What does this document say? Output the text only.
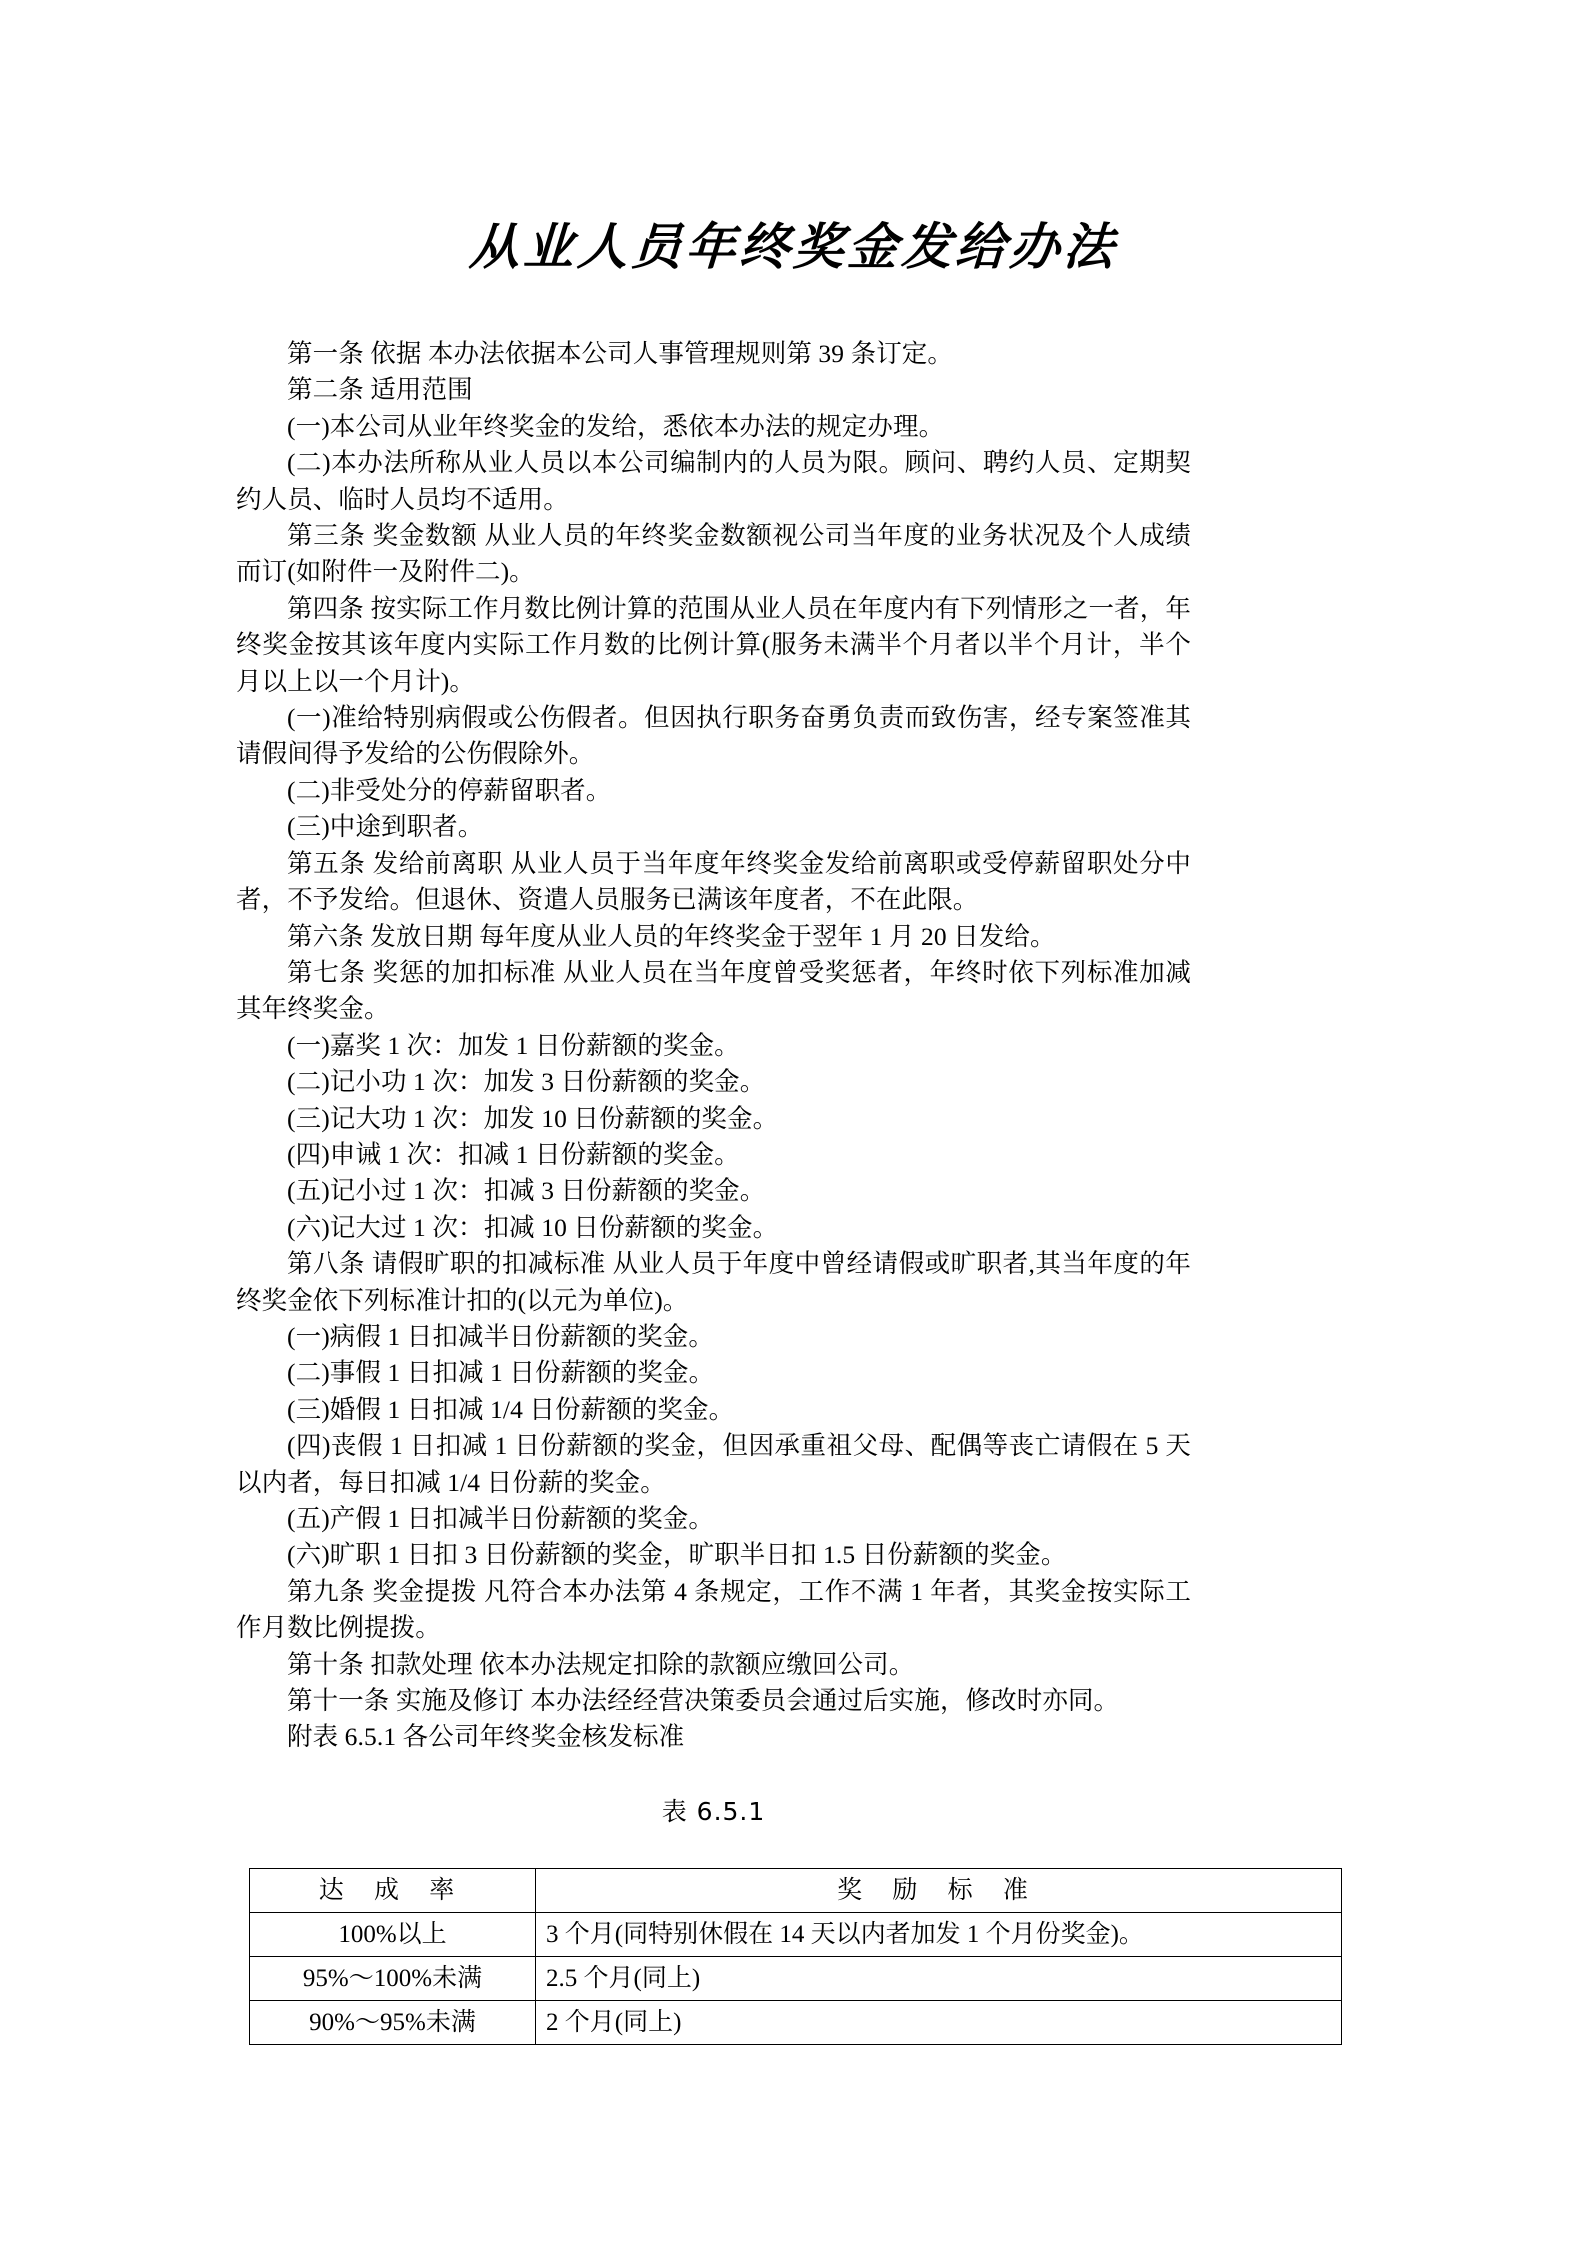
从业人员年终奖金发给办法

第一条 依据 本办法依据本公司人事管理规则第 39 条订定。

第二条 适用范围

(一)本公司从业年终奖金的发给，悉依本办法的规定办理。

(二)本办法所称从业人员以本公司编制内的人员为限。顾问、聘约人员、定期契约人员、临时人员均不适用。

第三条 奖金数额 从业人员的年终奖金数额视公司当年度的业务状况及个人成绩而订(如附件一及附件二)。

第四条 按实际工作月数比例计算的范围从业人员在年度内有下列情形之一者，年终奖金按其该年度内实际工作月数的比例计算(服务未满半个月者以半个月计，半个月以上以一个月计)。

(一)准给特别病假或公伤假者。但因执行职务奋勇负责而致伤害，经专案签准其请假间得予发给的公伤假除外。

(二)非受处分的停薪留职者。

(三)中途到职者。

第五条 发给前离职 从业人员于当年度年终奖金发给前离职或受停薪留职处分中者，不予发给。但退休、资遣人员服务已满该年度者，不在此限。

第六条 发放日期 每年度从业人员的年终奖金于翌年 1 月 20 日发给。

第七条 奖惩的加扣标准 从业人员在当年度曾受奖惩者，年终时依下列标准加减其年终奖金。

(一)嘉奖 1 次：加发 1 日份薪额的奖金。

(二)记小功 1 次：加发 3 日份薪额的奖金。

(三)记大功 1 次：加发 10 日份薪额的奖金。

(四)申诫 1 次：扣减 1 日份薪额的奖金。

(五)记小过 1 次：扣减 3 日份薪额的奖金。

(六)记大过 1 次：扣减 10 日份薪额的奖金。

第八条 请假旷职的扣减标准 从业人员于年度中曾经请假或旷职者,其当年度的年终奖金依下列标准计扣的(以元为单位)。

(一)病假 1 日扣减半日份薪额的奖金。

(二)事假 1 日扣减 1 日份薪额的奖金。

(三)婚假 1 日扣减 1/4 日份薪额的奖金。

(四)丧假 1 日扣减 1 日份薪额的奖金，但因承重祖父母、配偶等丧亡请假在 5 天以内者，每日扣减 1/4 日份薪的奖金。

(五)产假 1 日扣减半日份薪额的奖金。

(六)旷职 1 日扣 3 日份薪额的奖金，旷职半日扣 1.5 日份薪额的奖金。

第九条 奖金提拨 凡符合本办法第 4 条规定，工作不满 1 年者，其奖金按实际工作月数比例提拨。

第十条 扣款处理 依本办法规定扣除的款额应缴回公司。

第十一条 实施及修订 本办法经经营决策委员会通过后实施，修改时亦同。

附表 6.5.1 各公司年终奖金核发标准

表 6.5.1
达 成 率	奖 励 标 准

100%以上	3 个月(同特别休假在 14 天以内者加发 1 个月份奖金)。

95%～100%未满	2.5 个月(同上)

90%～95%未满	2 个月(同上)
